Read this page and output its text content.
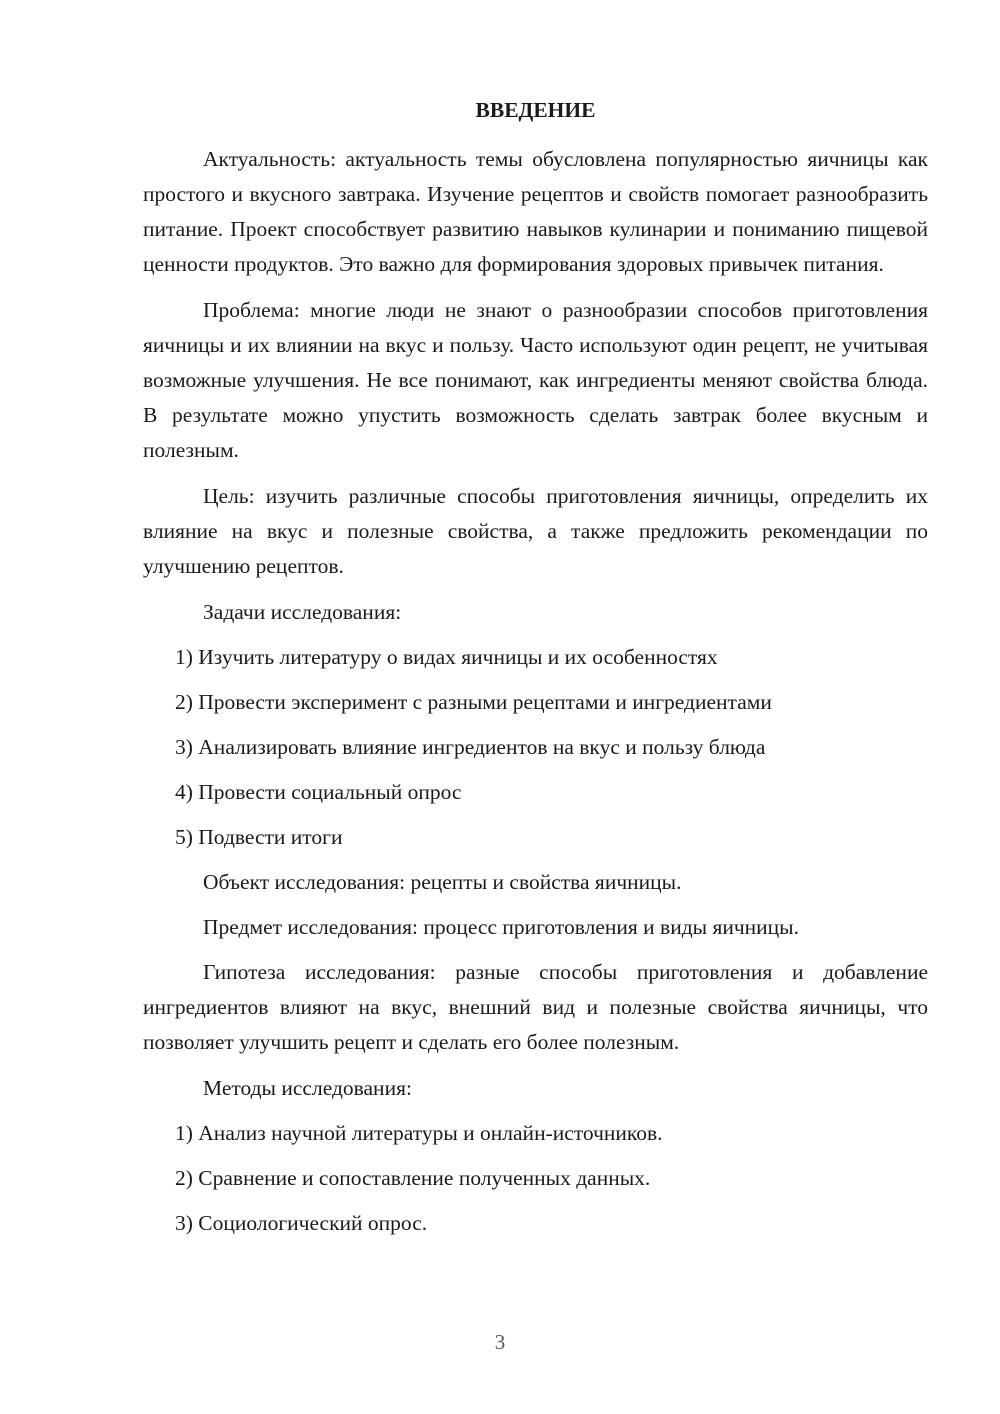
ВВЕДЕНИЕ
Актуальность: актуальность темы обусловлена популярностью яичницы как простого и вкусного завтрака. Изучение рецептов и свойств помогает разнообразить питание. Проект способствует развитию навыков кулинарии и пониманию пищевой ценности продуктов. Это важно для формирования здоровых привычек питания.
Проблема: многие люди не знают о разнообразии способов приготовления яичницы и их влиянии на вкус и пользу. Часто используют один рецепт, не учитывая возможные улучшения. Не все понимают, как ингредиенты меняют свойства блюда. В результате можно упустить возможность сделать завтрак более вкусным и полезным.
Цель: изучить различные способы приготовления яичницы, определить их влияние на вкус и полезные свойства, а также предложить рекомендации по улучшению рецептов.
Задачи исследования:
1) Изучить литературу о видах яичницы и их особенностях
2) Провести эксперимент с разными рецептами и ингредиентами
3) Анализировать влияние ингредиентов на вкус и пользу блюда
4) Провести социальный опрос
5) Подвести итоги
Объект исследования: рецепты и свойства яичницы.
Предмет исследования: процесс приготовления и виды яичницы.
Гипотеза исследования: разные способы приготовления и добавление ингредиентов влияют на вкус, внешний вид и полезные свойства яичницы, что позволяет улучшить рецепт и сделать его более полезным.
Методы исследования:
1) Анализ научной литературы и онлайн-источников.
2) Сравнение и сопоставление полученных данных.
3) Социологический опрос.
3
